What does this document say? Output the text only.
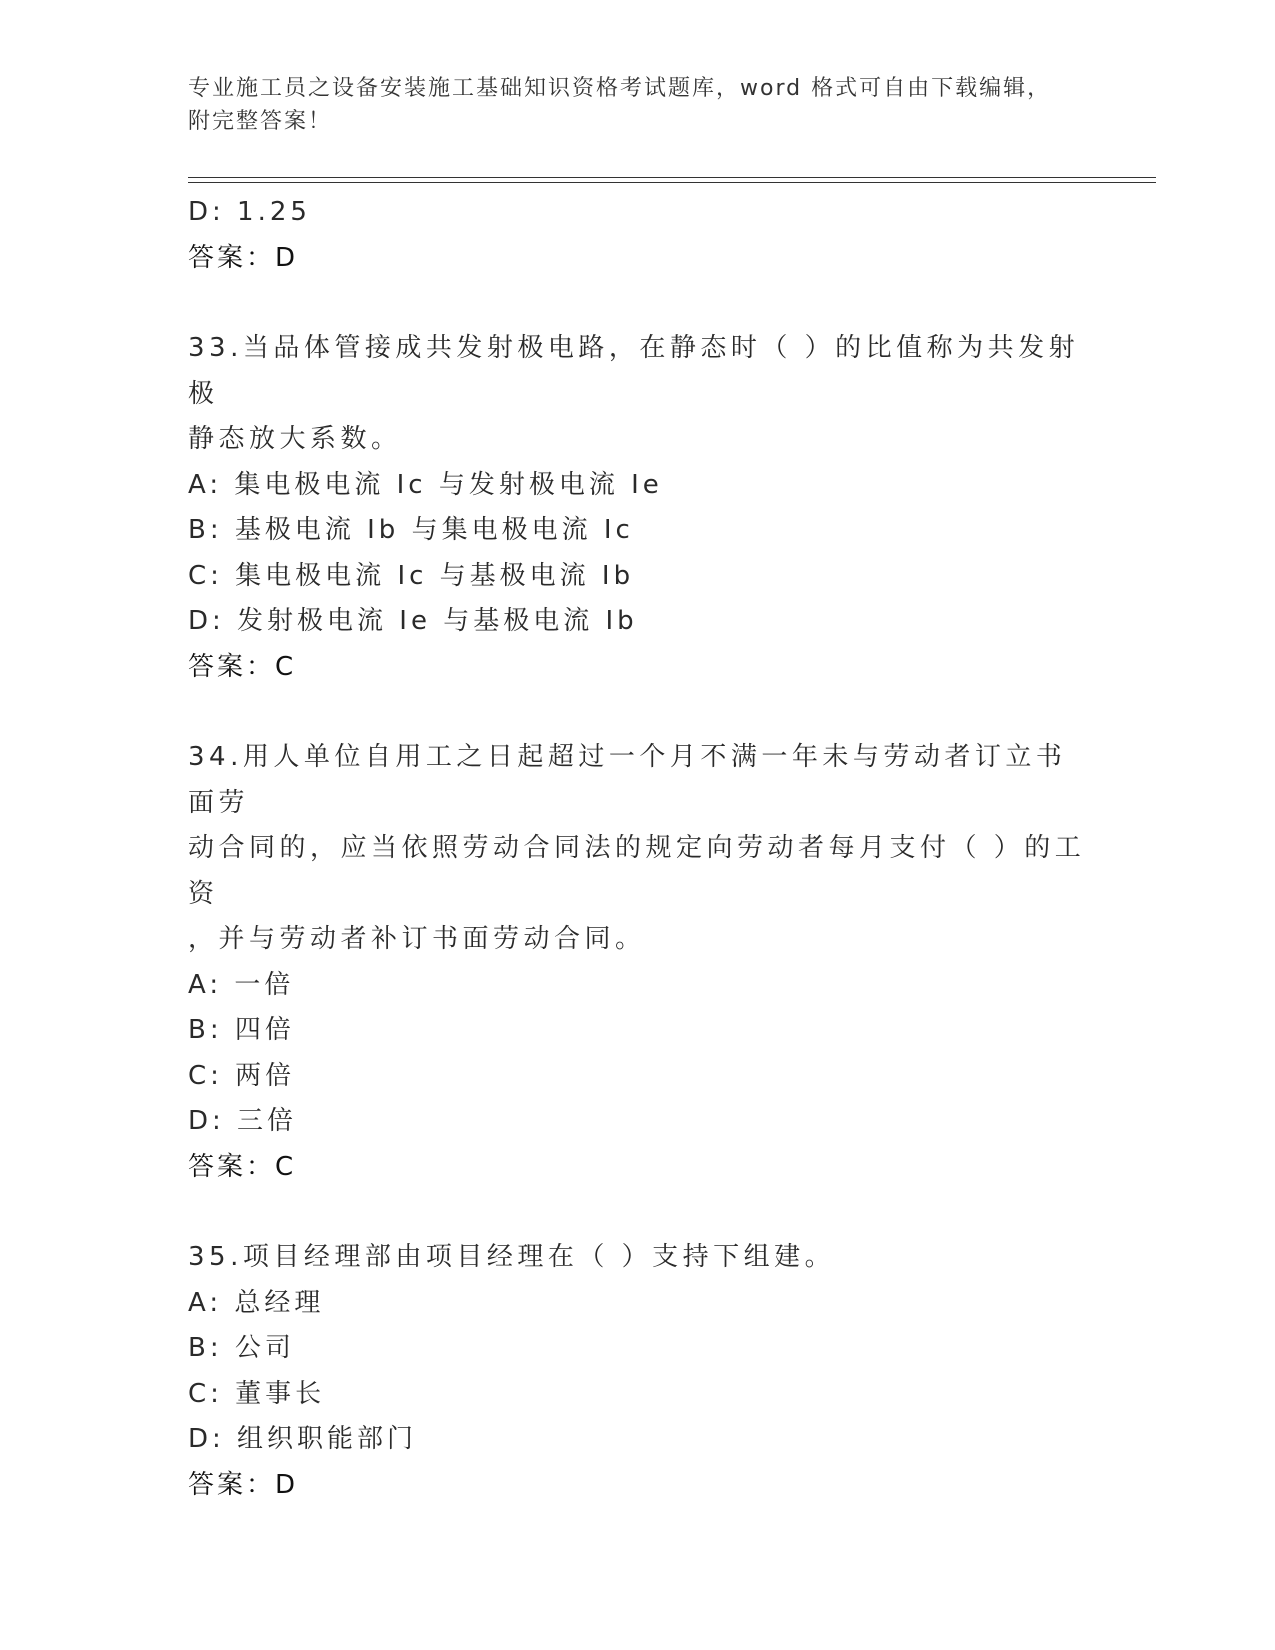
专业施工员之设备安装施工基础知识资格考试题库，word 格式可自由下载编辑，
附完整答案！
D: 1.25
答案：D
33.当品体管接成共发射极电路，在静态时（ ）的比值称为共发射极
静态放大系数。
A: 集电极电流 Ic 与发射极电流 Ie
B: 基极电流 Ib 与集电极电流 Ic
C: 集电极电流 Ic 与基极电流 Ib
D: 发射极电流 Ie 与基极电流 Ib
答案：C
34.用人单位自用工之日起超过一个月不满一年未与劳动者订立书面劳
动合同的，应当依照劳动合同法的规定向劳动者每月支付（ ）的工资
，并与劳动者补订书面劳动合同。
A: 一倍
B: 四倍
C: 两倍
D: 三倍
答案：C
35.项目经理部由项目经理在（ ）支持下组建。
A: 总经理
B: 公司
C: 董事长
D: 组织职能部门
答案：D
